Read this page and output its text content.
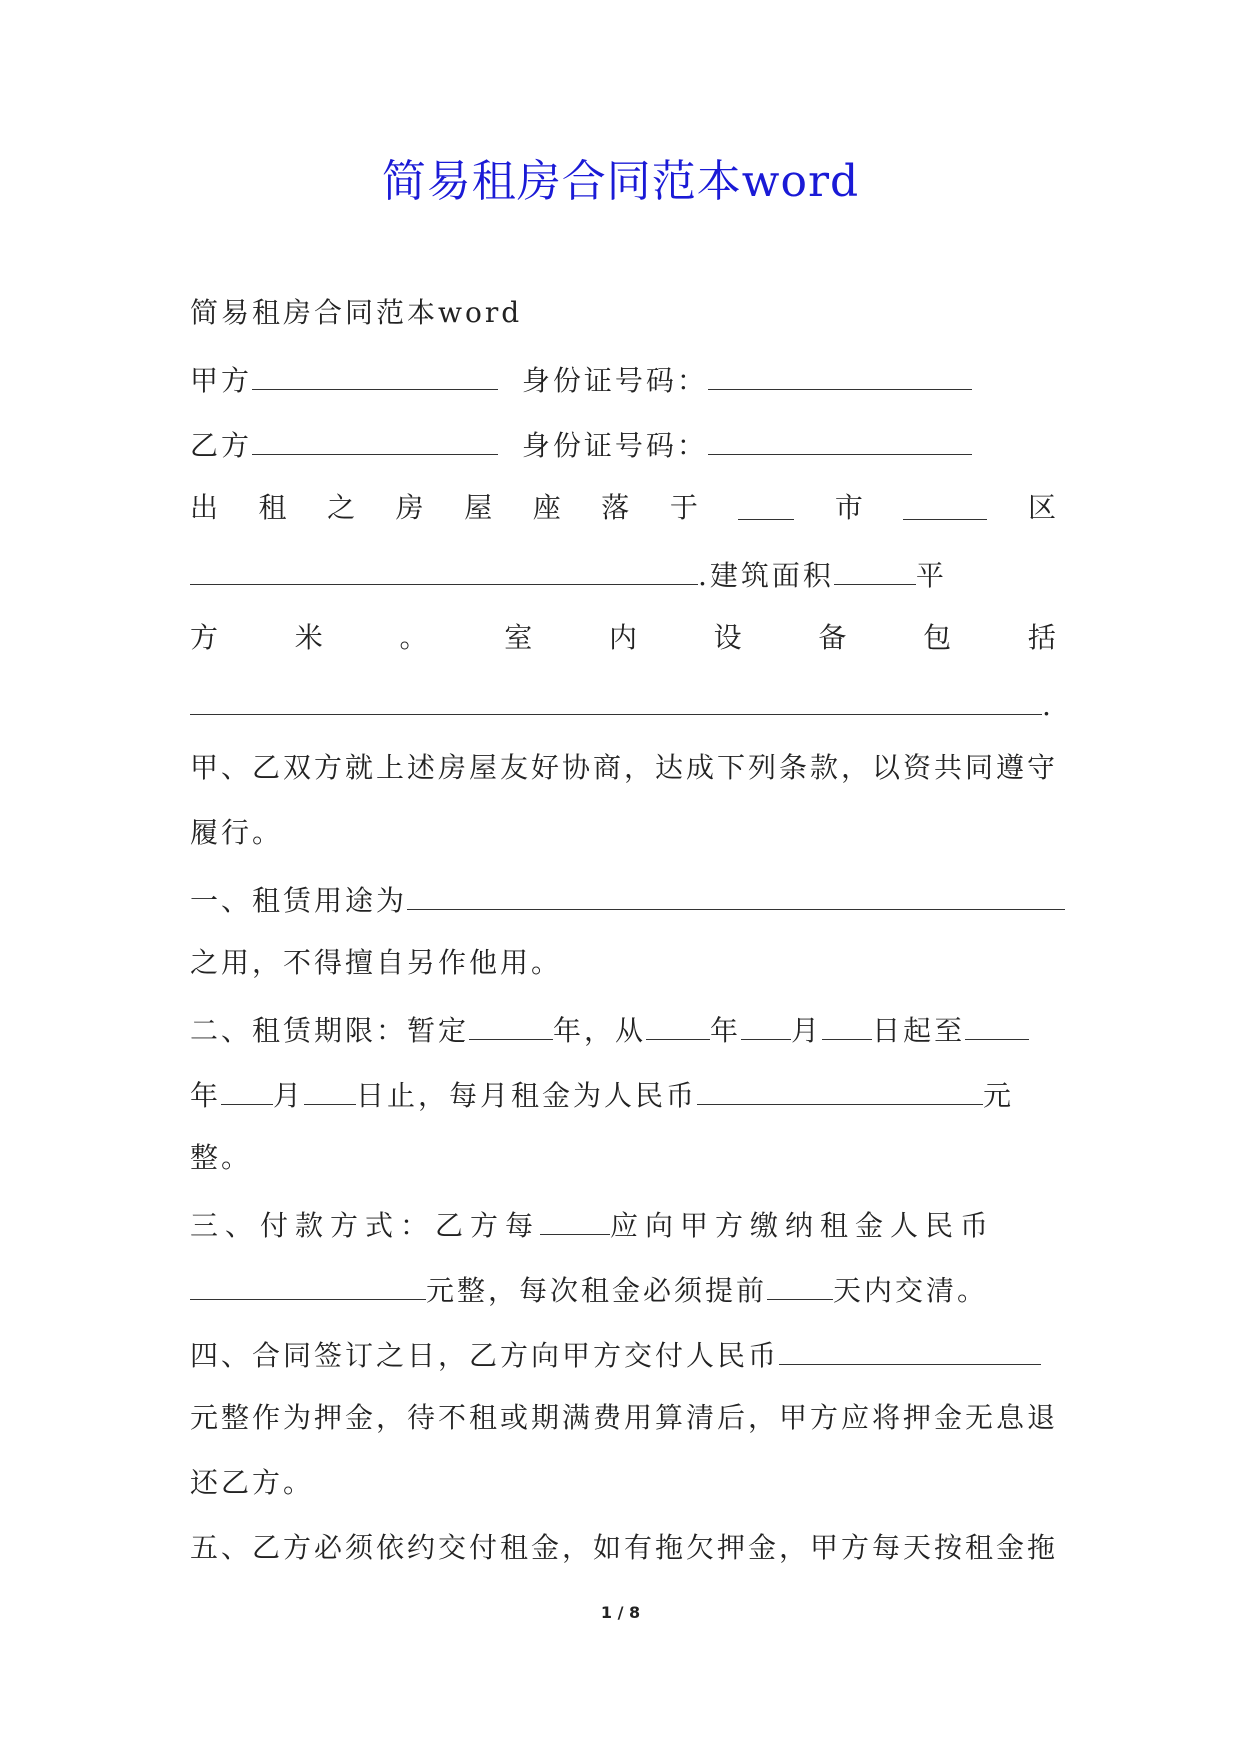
简易租房合同范本word
简易租房合同范本word
甲方	身份证号码：
乙方	身份证号码：
出 租 之 房 屋 座 落 于	市	区
.建筑面积	平
方	米	。	室	内	设	备	包	括
.
甲、乙双方就上述房屋友好协商，达成下列条款，以资共同遵守
履行。
一、租赁用途为
之用，不得擅自另作他用。
二、租赁期限：暂定	年，从 年 月 日起至
年 月 日止，每月租金为人民币	元
整。
三、付款方式：乙方每	应向甲方缴纳租金人民币
元整，每次租金必须提前 天内交清。
四、合同签订之日，乙方向甲方交付人民币
元整作为押金，待不租或期满费用算清后，甲方应将押金无息退
还乙方。
五、乙方必须依约交付租金，如有拖欠押金，甲方每天按租金拖
1 / 8
